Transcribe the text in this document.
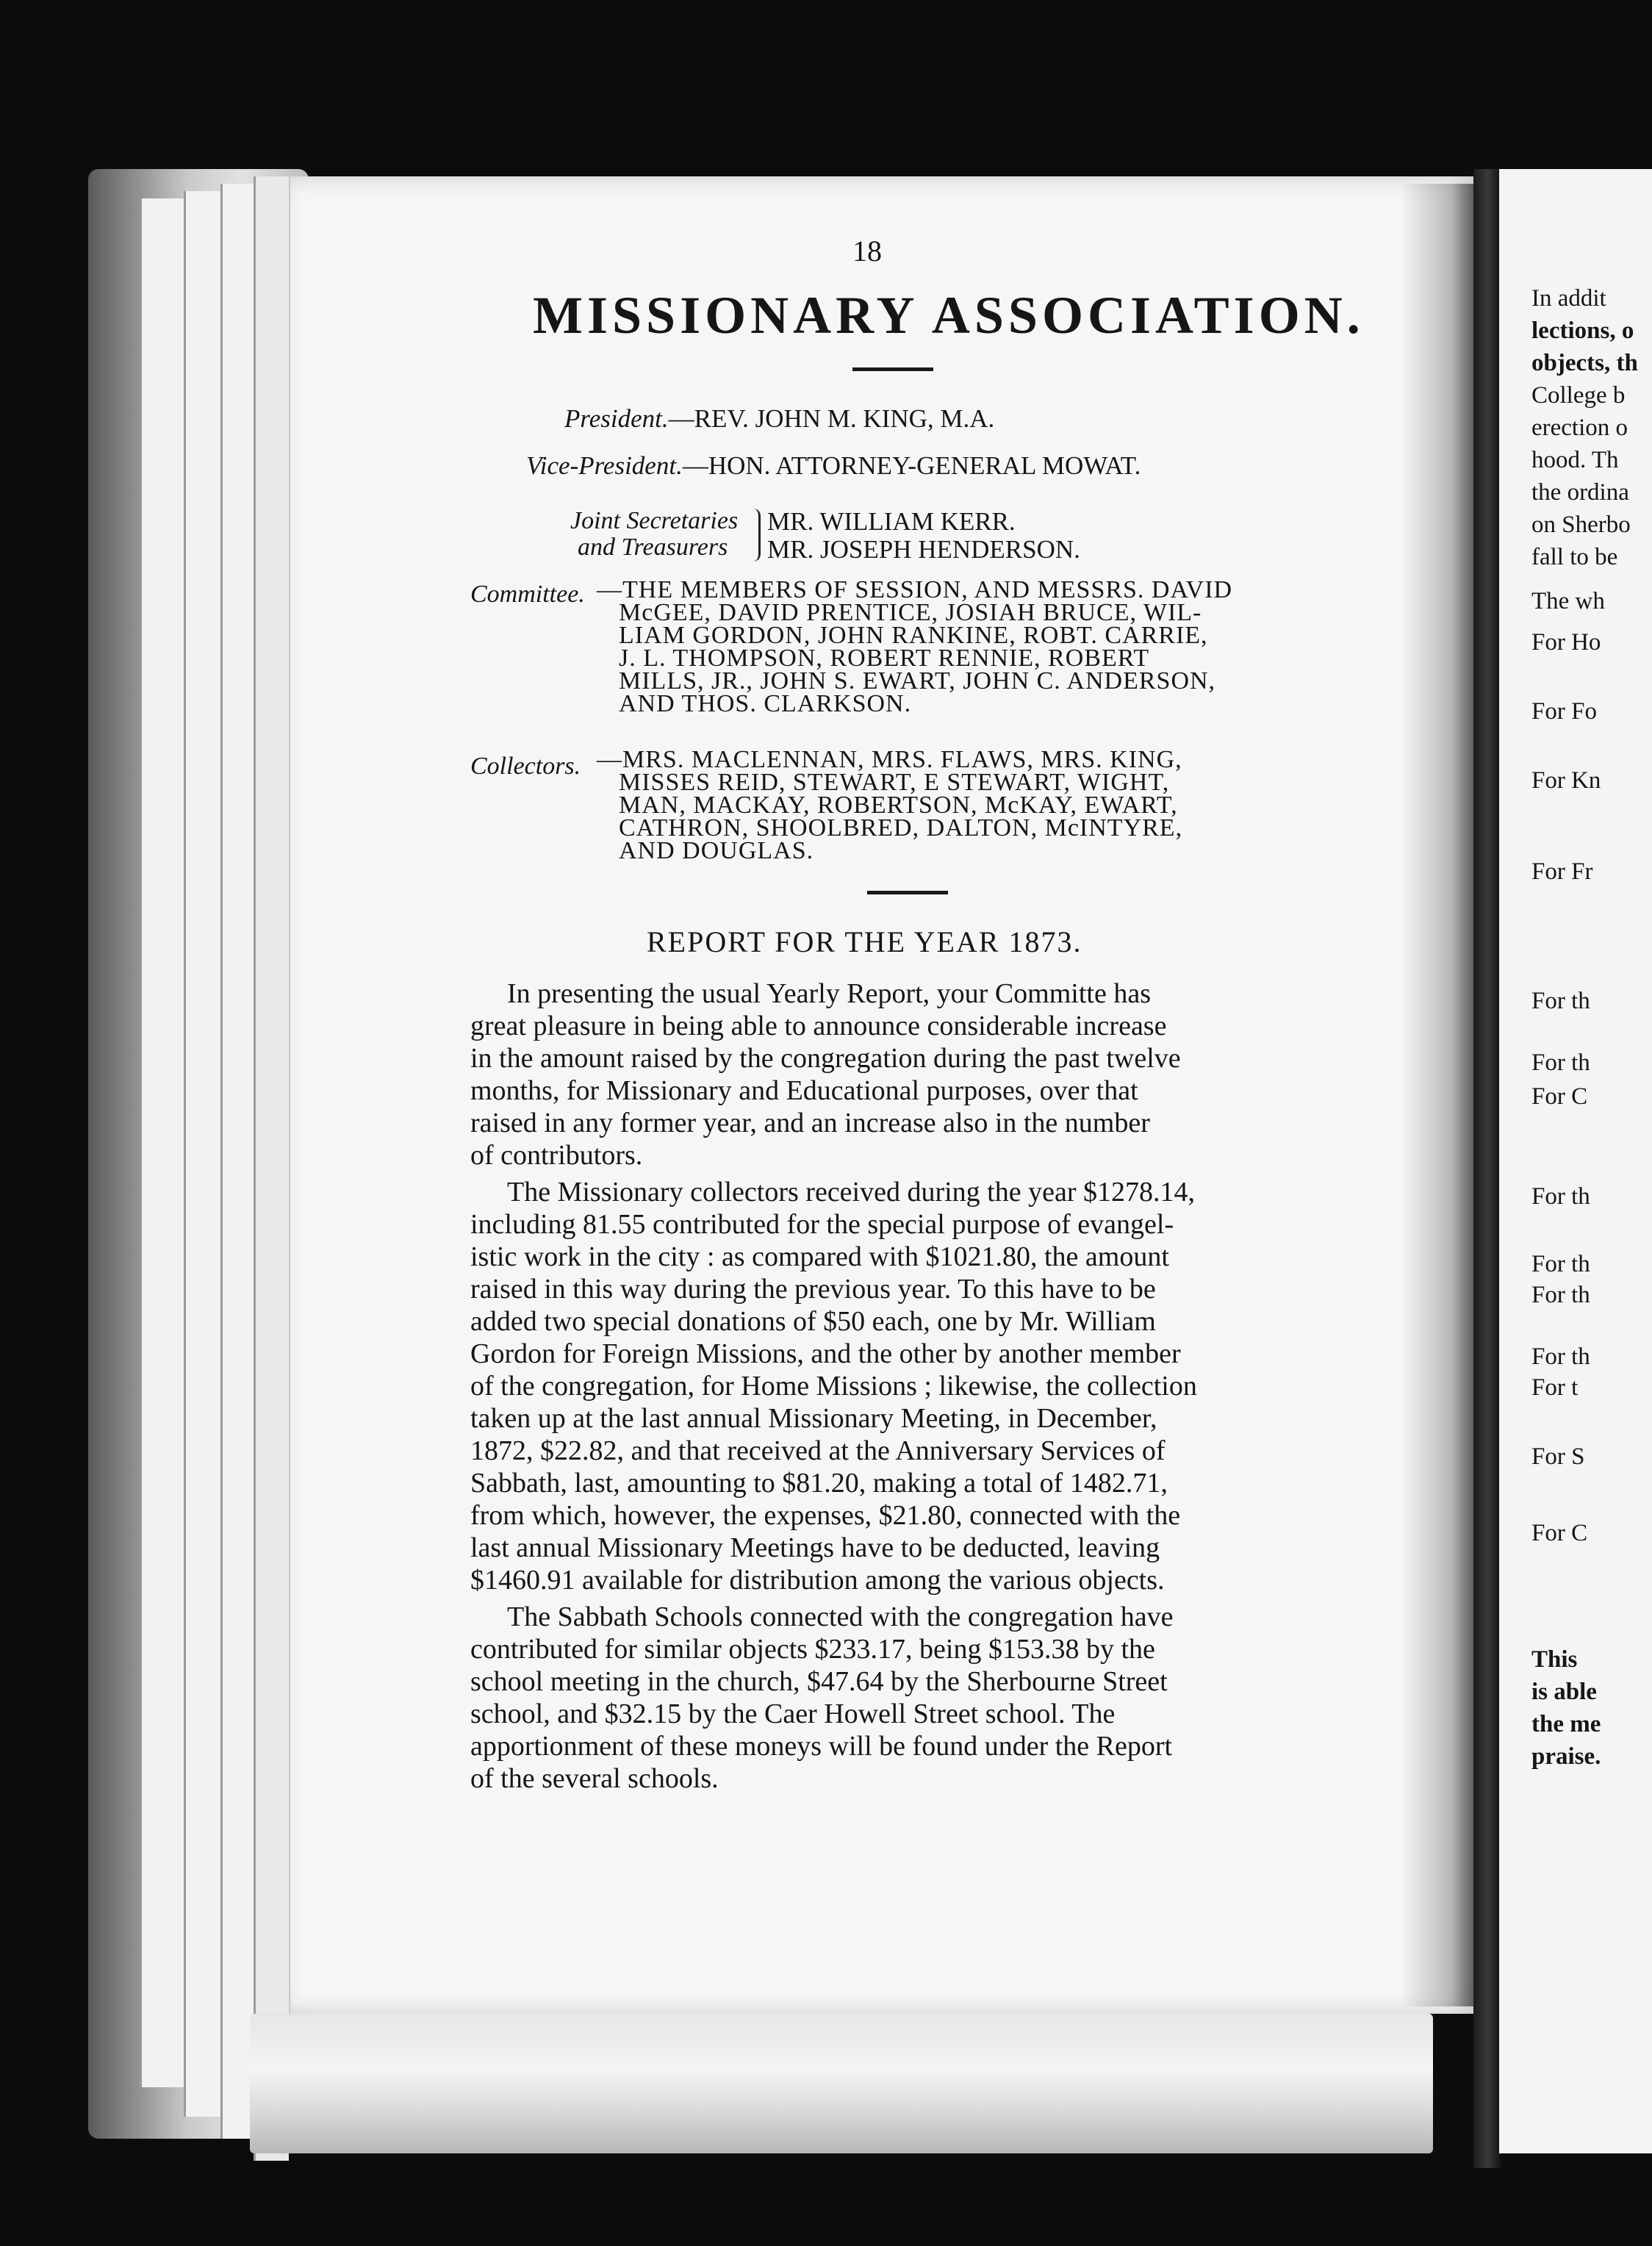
In addit
lections, o
objects, th
College b
erection o
hood. Th
the ordina
on Sherbo
fall to be
The wh
For Ho
For Fo
For Kn
For Fr
For th
For th
For C
For th
For th
For th
For th
For t
For S
For C
This
is able
the me
praise.
18
MISSIONARY ASSOCIATION.
President.—REV. JOHN M. KING, M.A.
Vice-President.—HON. ATTORNEY-GENERAL MOWAT.
Joint Secretaries
and Treasurers
MR. WILLIAM KERR.
MR. JOSEPH HENDERSON.
Committee. —THE MEMBERS OF SESSION, AND MESSRS. DAVID
McGEE, DAVID PRENTICE, JOSIAH BRUCE, WIL-
LIAM GORDON, JOHN RANKINE, ROBT. CARRIE,
J. L. THOMPSON, ROBERT RENNIE, ROBERT
MILLS, JR., JOHN S. EWART, JOHN C. ANDERSON,
AND THOS. CLARKSON.
Collectors. —MRS. MACLENNAN, MRS. FLAWS, MRS. KING,
MISSES REID, STEWART, E STEWART, WIGHT,
MAN, MACKAY, ROBERTSON, McKAY, EWART,
CATHRON, SHOOLBRED, DALTON, McINTYRE,
AND DOUGLAS.
REPORT FOR THE YEAR 1873.
In presenting the usual Yearly Report, your Committe has
great pleasure in being able to announce considerable increase
in the amount raised by the congregation during the past twelve
months, for Missionary and Educational purposes, over that
raised in any former year, and an increase also in the number
of contributors.
The Missionary collectors received during the year $1278.14,
including 81.55 contributed for the special purpose of evangel-
istic work in the city : as compared with $1021.80, the amount
raised in this way during the previous year. To this have to be
added two special donations of $50 each, one by Mr. William
Gordon for Foreign Missions, and the other by another member
of the congregation, for Home Missions ; likewise, the collection
taken up at the last annual Missionary Meeting, in December,
1872, $22.82, and that received at the Anniversary Services of
Sabbath, last, amounting to $81.20, making a total of 1482.71,
from which, however, the expenses, $21.80, connected with the
last annual Missionary Meetings have to be deducted, leaving
$1460.91 available for distribution among the various objects.
The Sabbath Schools connected with the congregation have
contributed for similar objects $233.17, being $153.38 by the
school meeting in the church, $47.64 by the Sherbourne Street
school, and $32.15 by the Caer Howell Street school. The
apportionment of these moneys will be found under the Report
of the several schools.
